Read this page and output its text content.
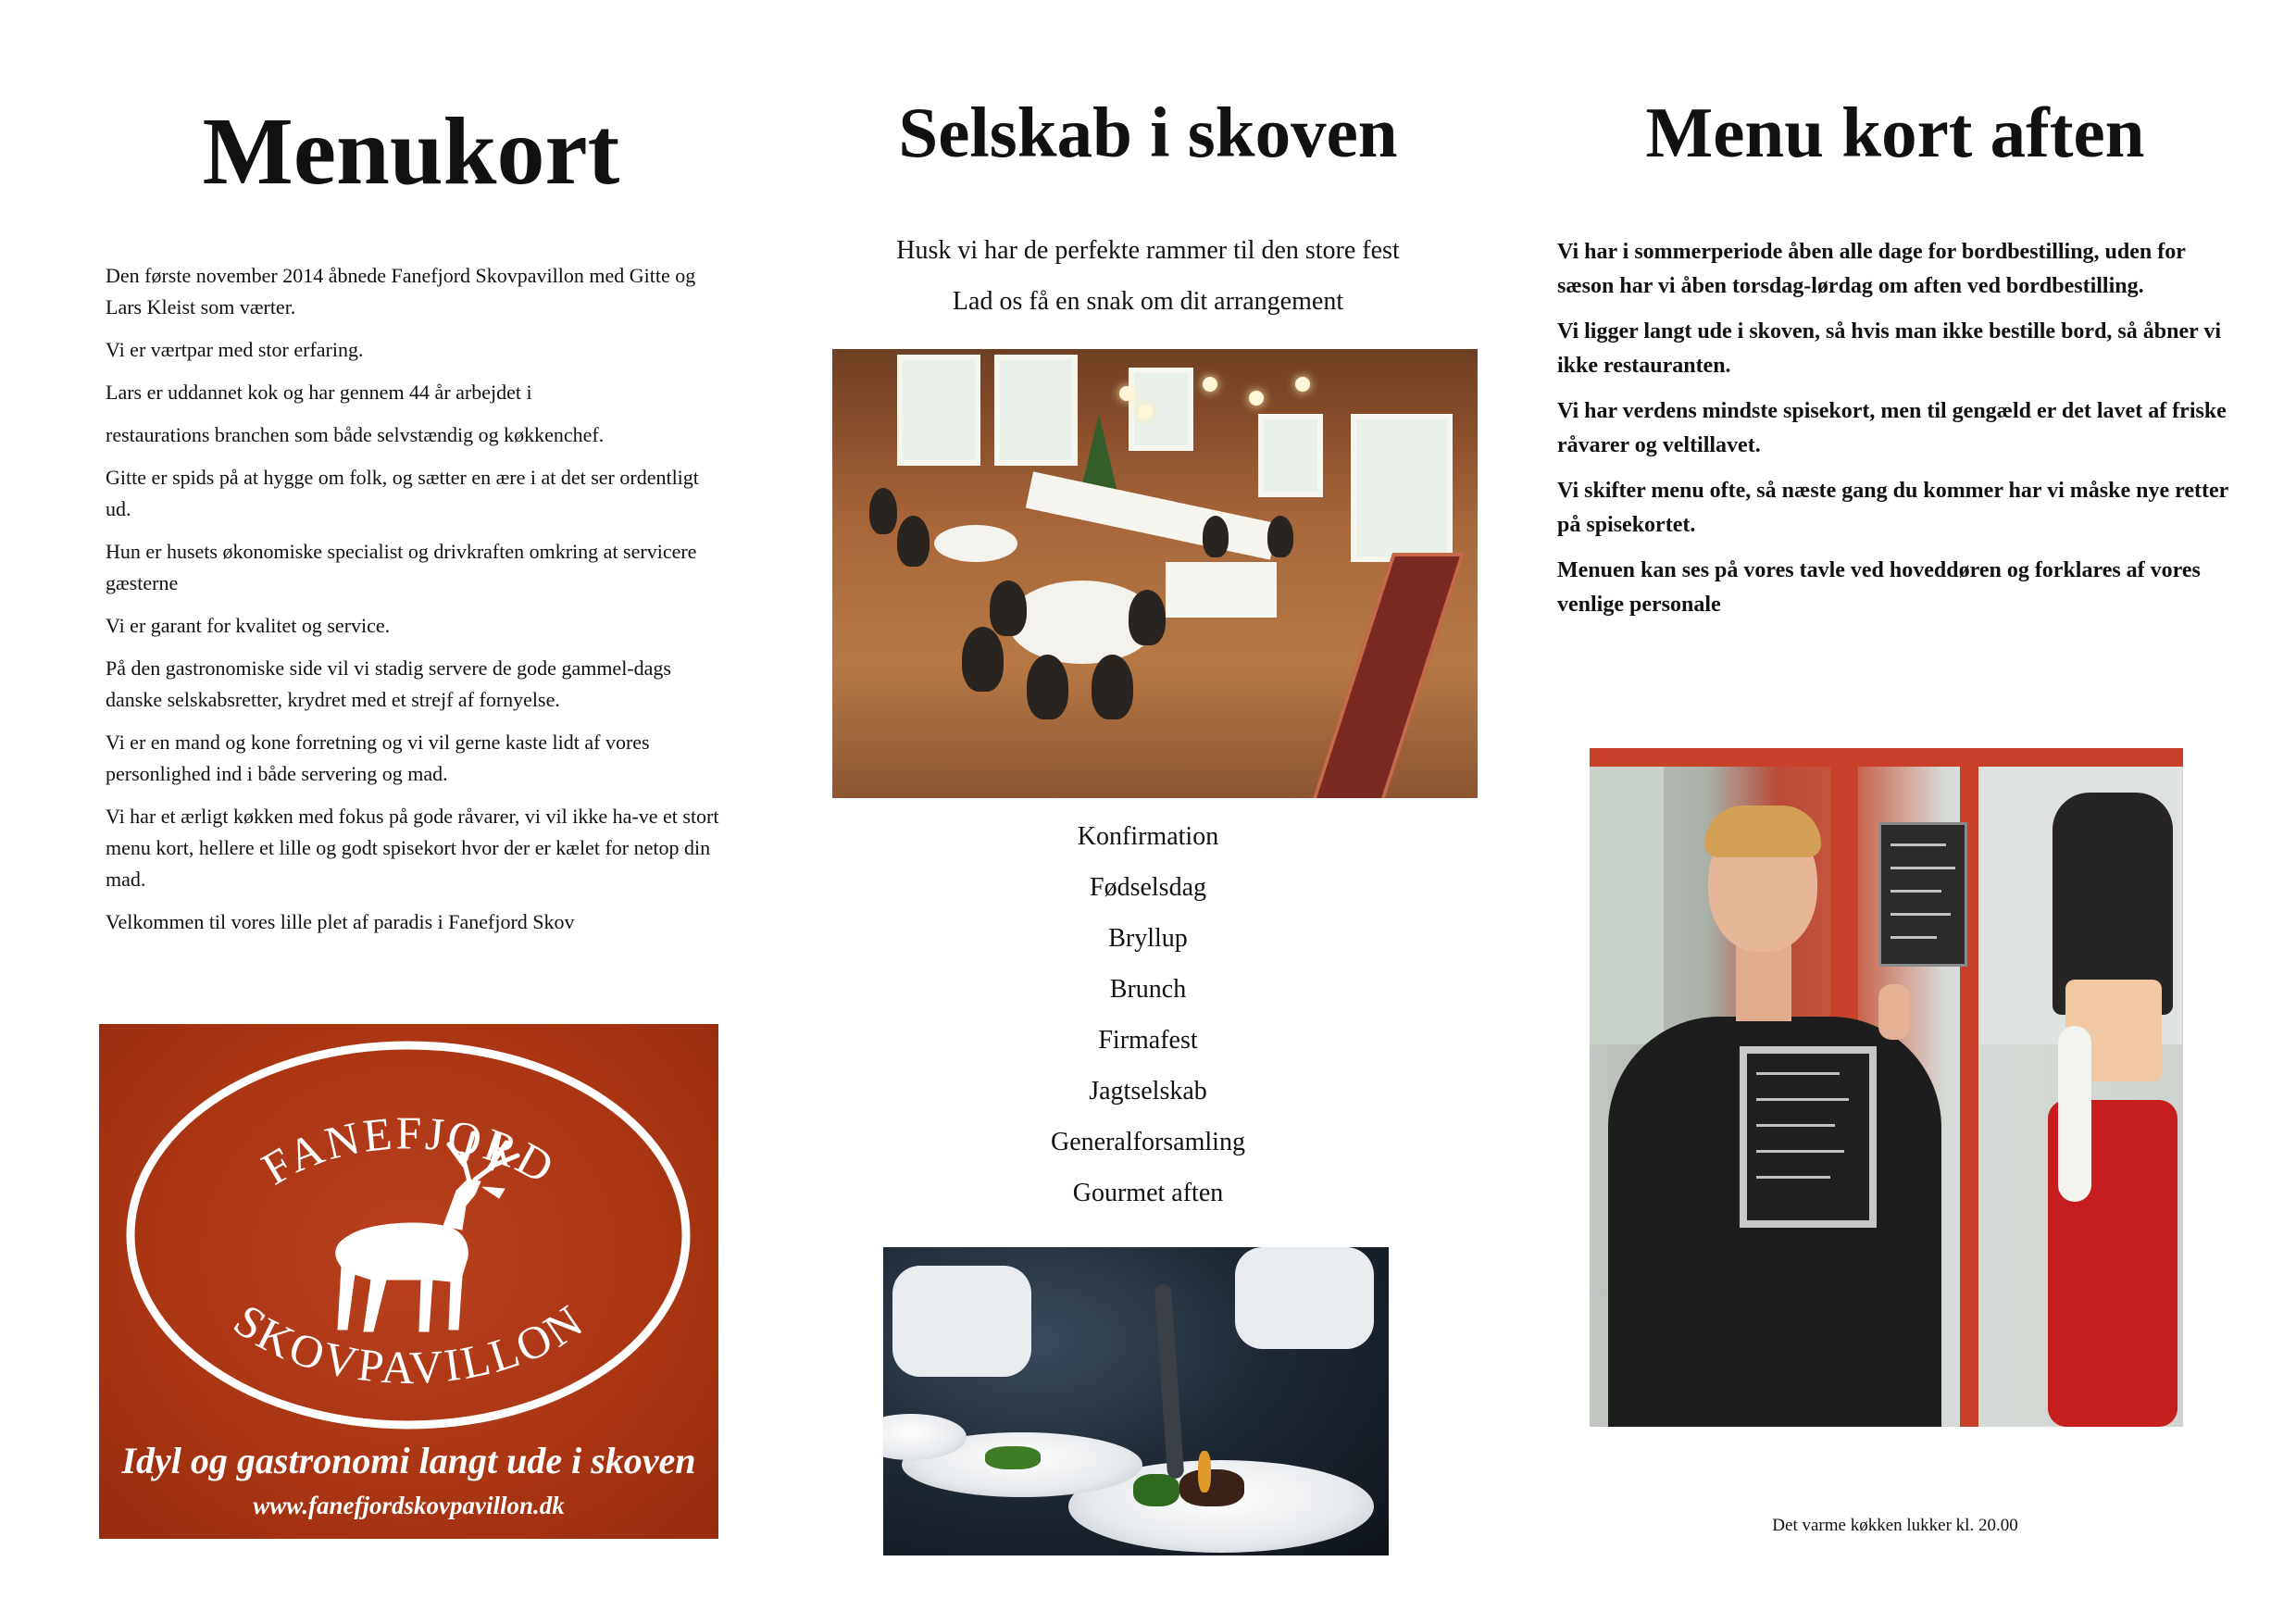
Menukort

Den første november 2014 åbnede Fanefjord Skovpavillon med Gitte og Lars Kleist som værter.

Vi er værtpar med stor erfaring.

Lars er uddannet kok og har gennem 44 år arbejdet i

restaurations branchen som både selvstændig og køkkenchef.

Gitte er spids på at hygge om folk, og sætter en ære i at det ser ordentligt ud.

Hun er husets økonomiske specialist og drivkraften omkring at servicere gæsterne

Vi er garant for kvalitet og service.

På den gastronomiske side vil vi stadig servere de gode gammel-dags danske selskabsretter, krydret med et strejf af fornyelse.

Vi er en mand og kone forretning og vi vil gerne kaste lidt af vores personlighed ind i både servering og mad.

Vi har et ærligt køkken med fokus på gode råvarer, vi vil ikke ha-ve et stort menu kort, hellere et lille og godt spisekort hvor der er kælet for netop din mad.

Velkommen til vores lille plet af paradis i Fanefjord Skov

FANEFJORD
SKOVPAVILLON
Idyl og gastronomi langt ude i skoven
www.fanefjordskovpavillon.dk
Selskab i skoven

Husk vi har de perfekte rammer til den store fest

Lad os få en snak om dit arrangement

Konfirmation
Fødselsdag
Bryllup
Brunch
Firmafest
Jagtselskab
Generalforsamling
Gourmet aften
Menu kort aften

Vi har i sommerperiode åben alle dage for bordbestilling, uden for sæson har vi åben torsdag-lørdag om aften ved bordbestilling.

Vi ligger langt ude i skoven, så hvis man ikke bestille bord, så åbner vi ikke restauranten.

Vi har verdens mindste spisekort, men til gengæld er det lavet af friske råvarer og veltillavet.

Vi skifter menu ofte, så næste gang du kommer har vi måske nye retter på spisekortet.

Menuen kan ses på vores tavle ved hoveddøren og forklares af vores venlige personale

Det varme køkken lukker kl. 20.00
